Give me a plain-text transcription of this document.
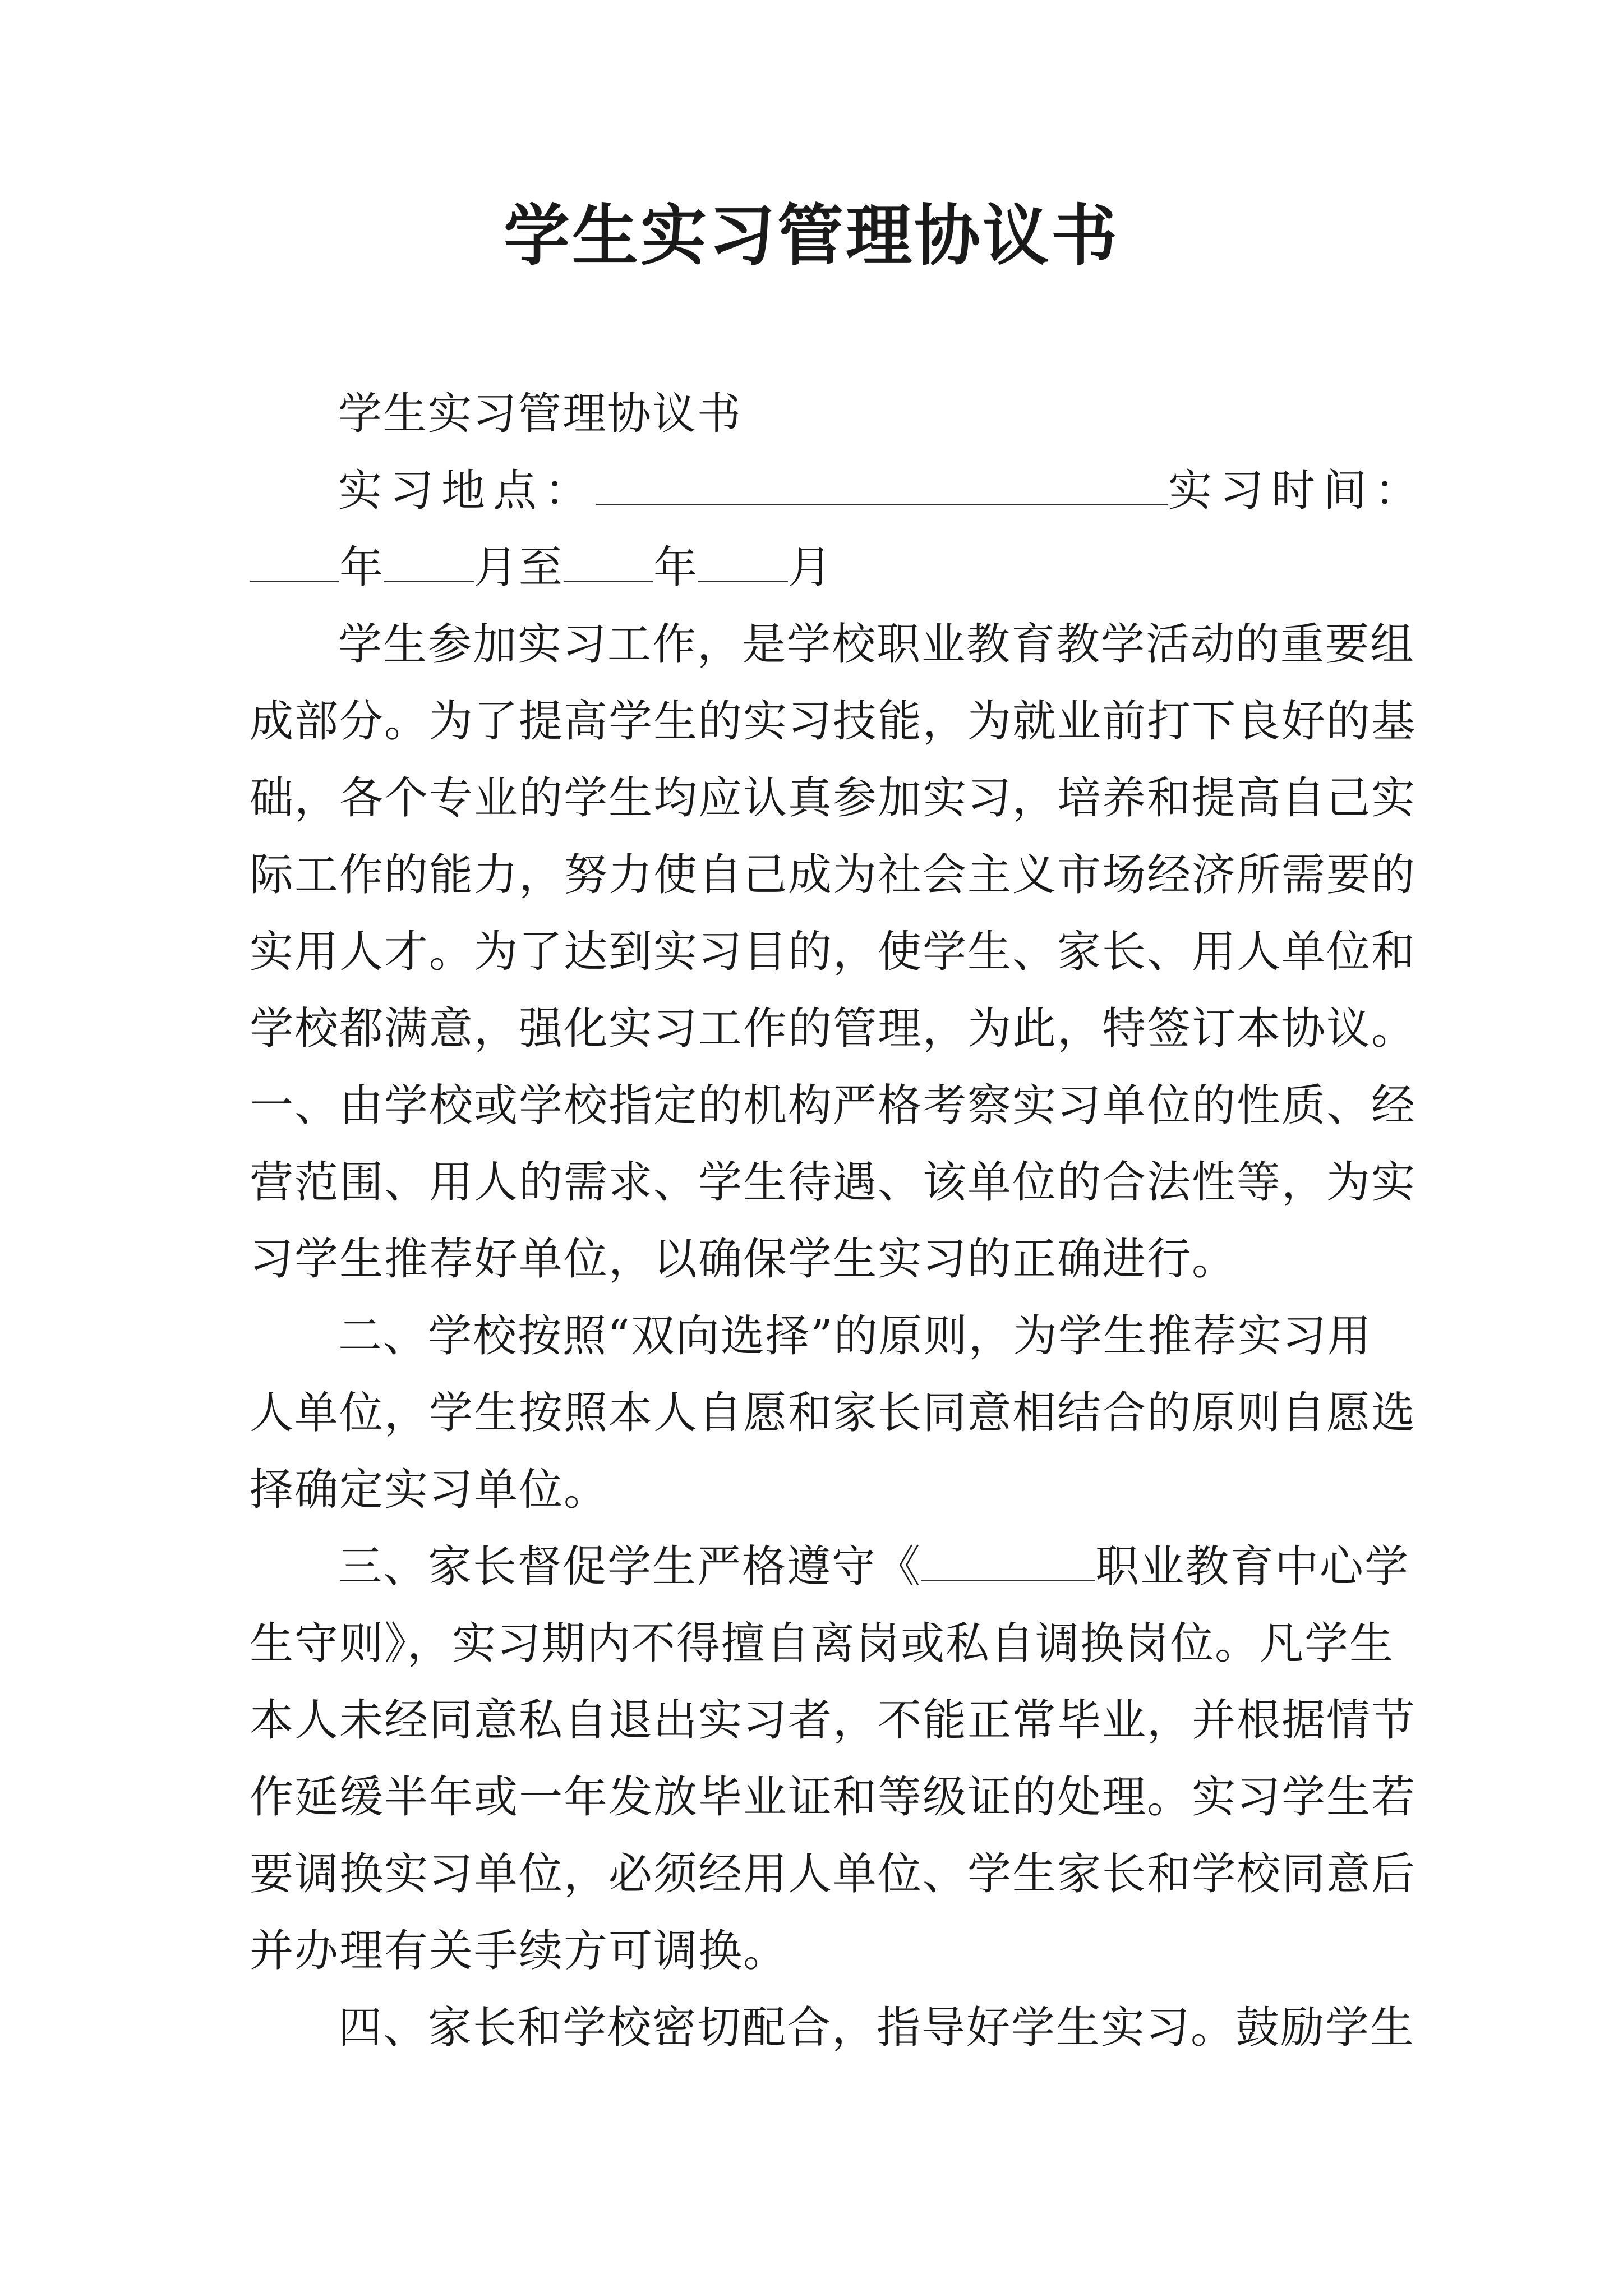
学生实习管理协议书
学生实习管理协议书
实习地点：	实习时间：
年 月至 年 月
学生参加实习工作，是学校职业教育教学活动的重要组
成部分。为了提高学生的实习技能，为就业前打下良好的基
础，各个专业的学生均应认真参加实习，培养和提高自己实
际工作的能力，努力使自己成为社会主义市场经济所需要的
实用人才。为了达到实习目的，使学生、家长、用人单位和
学校都满意，强化实习工作的管理，为此，特签订本协议。
一、由学校或学校指定的机构严格考察实习单位的性质、经
营范围、用人的需求、学生待遇、该单位的合法性等，为实
习学生推荐好单位，以确保学生实习的正确进行。
二、学校按照“双向选择”的原则，为学生推荐实习用
人单位，学生按照本人自愿和家长同意相结合的原则自愿选
择确定实习单位。
三、家长督促学生严格遵守《	职业教育中心学
生守则》，实习期内不得擅自离岗或私自调换岗位。凡学生
本人未经同意私自退出实习者，不能正常毕业，并根据情节
作延缓半年或一年发放毕业证和等级证的处理。实习学生若
要调换实习单位，必须经用人单位、学生家长和学校同意后
并办理有关手续方可调换。
四、家长和学校密切配合，指导好学生实习。鼓励学生
